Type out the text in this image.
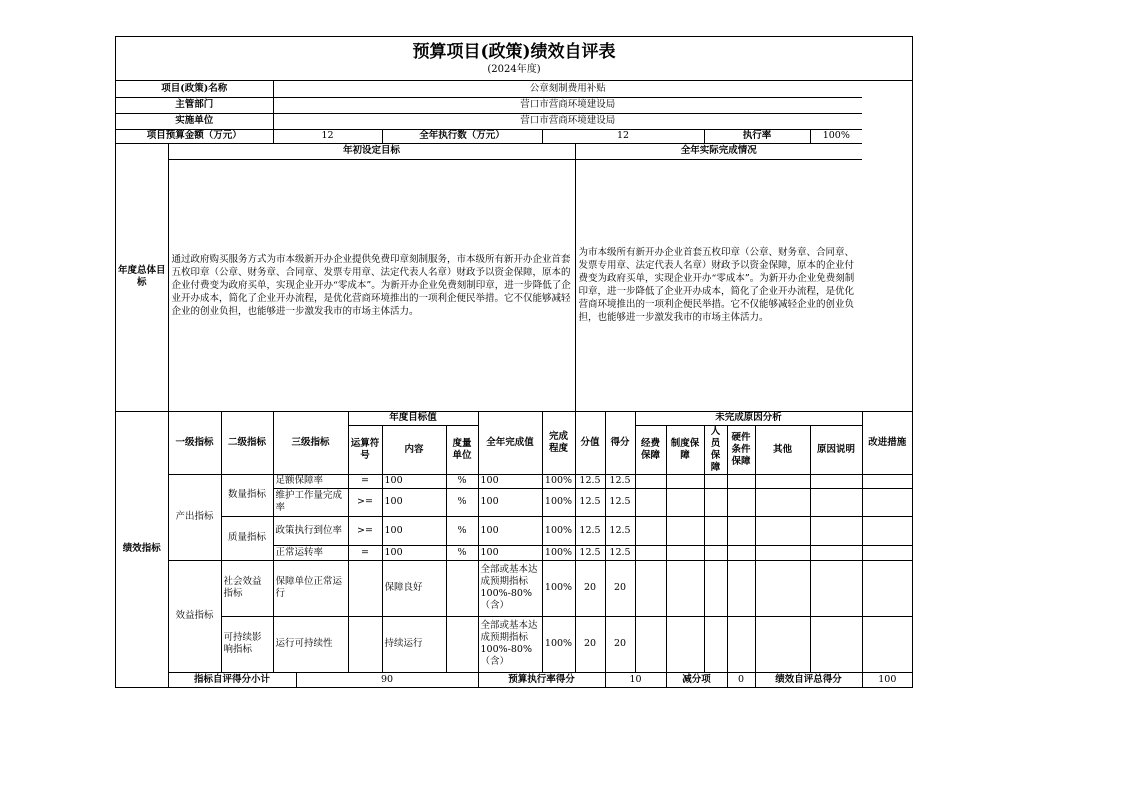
预算项目(政策)绩效自评表
(2024年度)
项目(政策)名称			公章刻制费用补贴															
主管部门			营口市营商环境建设局															
实施单位			营口市营商环境建设局															
项目预算金额（万元）			12			全年执行数（万元）			12					执行率			100%	
年度总体目标	年初设定目标									全年实际完成情况								
	通过政府购买服务方式为市本级新开办企业提供免费印章刻制服务，市本级所有新开办企业首套五枚印章（公章、财务章、合同章、发票专用章、法定代表人名章）财政予以资金保障，原本的企业付费变为政府买单，实现企业开办“零成本”。为新开办企业免费刻制印章，进一步降低了企业开办成本，简化了企业开办流程，是优化营商环境推出的一项利企便民举措。它不仅能够减轻企业的创业负担，也能够进一步激发我市的市场主体活力。									为市本级所有新开办企业首套五枚印章（公章、财务章、合同章、发票专用章、法定代表人名章）财政予以资金保障，原本的企业付费变为政府买单，实现企业开办“零成本”。为新开办企业免费刻制印章，进一步降低了企业开办成本，简化了企业开办流程，是优化营商环境推出的一项利企便民举措。它不仅能够减轻企业的创业负担，也能够进一步激发我市的市场主体活力。								
绩效指标	一级指标	二级指标	三级指标		年度目标值			全年完成值	完成程度	分值	得分	未完成原因分析						改进措施
					运算符号	内容	度量单位					经费保障	制度保障	人员保障	硬件条件保障	其他	原因说明	
	产出指标	数量指标	足额保障率		=	100	%	100	100%	12.5	12.5							
			维护工作量完成率		>=	100	%	100	100%	12.5	12.5							
		质量指标	政策执行到位率		>=	100	%	100	100%	12.5	12.5							
			正常运转率		=	100	%	100	100%	12.5	12.5							
	效益指标	社会效益指标	保障单位正常运行			保障良好		全部或基本达成预期指标100%-80%（含）	100%	20	20							
		可持续影响指标	运行可持续性			持续运行		全部或基本达成预期指标100%-80%（含）	100%	20	20							
	指标自评得分小计			90				预算执行率得分			10		减分项		0	绩效自评总得分		100
